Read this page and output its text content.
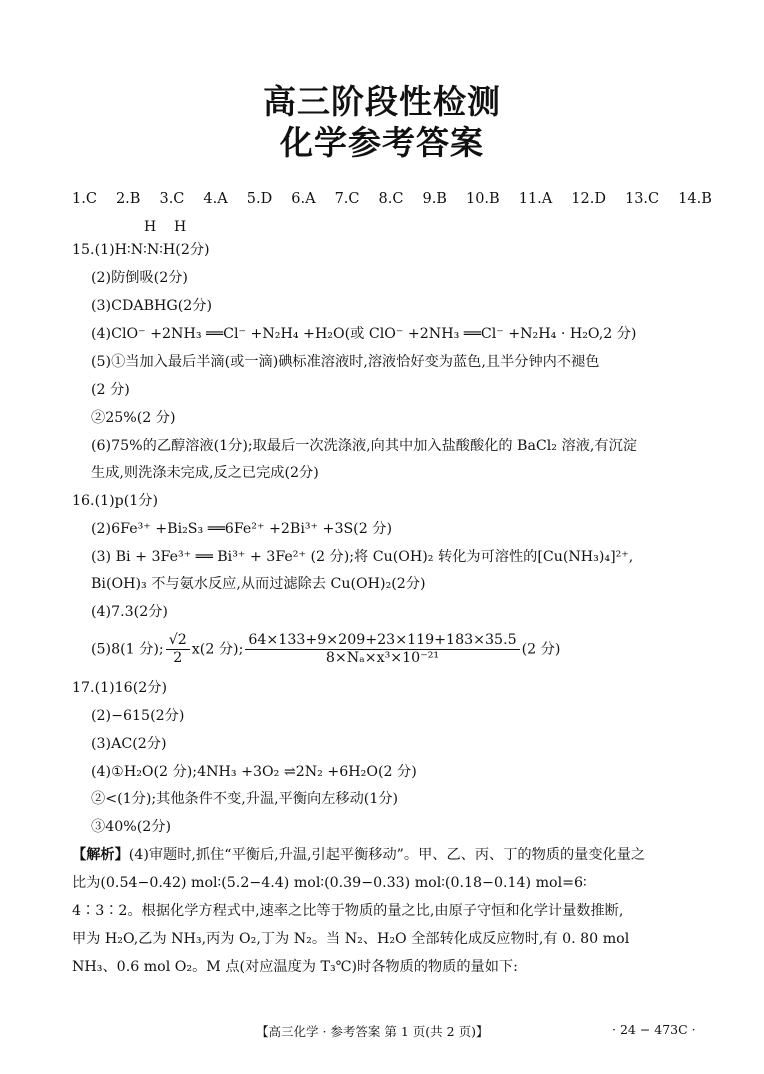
高三阶段性检测
化学参考答案
1.C 2.B 3.C 4.A 5.D 6.A 7.C 8.C 9.B 10.B 11.A 12.D 13.C 14.B
H    H
15.(1)H∶N∶N∶H(2分)
(2)防倒吸(2分)
(3)CDABHG(2分)
(4)ClO⁻ +2NH₃ ══Cl⁻ +N₂H₄ +H₂O(或 ClO⁻ +2NH₃ ══Cl⁻ +N₂H₄ · H₂O,2 分)
(5)①当加入最后半滴(或一滴)碘标准溶液时,溶液恰好变为蓝色,且半分钟内不褪色
(2 分)
②25%(2 分)
(6)75%的乙醇溶液(1分);取最后一次洗涤液,向其中加入盐酸酸化的 BaCl₂ 溶液,有沉淀
生成,则洗涤未完成,反之已完成(2分)
16.(1)p(1分)
(2)6Fe³⁺ +Bi₂S₃ ══6Fe²⁺ +2Bi³⁺ +3S(2 分)
(3) Bi + 3Fe³⁺ ══ Bi³⁺ + 3Fe²⁺ (2 分);将 Cu(OH)₂ 转化为可溶性的[Cu(NH₃)₄]²⁺,
Bi(OH)₃ 不与氨水反应,从而过滤除去 Cu(OH)₂(2分)
(4)7.3(2分)
(5)8(1 分); $\frac{√2}{2} x(2$ 分); $\frac{64\times 133+9\times 209+23\times 119+183\times 35.5}{\text{8×Nₐ×x³×10⁻²¹}} (2$ 分)
17.(1)16(2分)
(2)−615(2分)
(3)AC(2分)
(4)①H₂O(2 分);4NH₃ +3O₂ ⇌2N₂ +6H₂O(2 分)
②<(1分);其他条件不变,升温,平衡向左移动(1分)
③40%(2分)
【解析】(4)审题时,抓住“平衡后,升温,引起平衡移动”。甲、乙、丙、丁的物质的量变化量之
比为(0.54−0.42) mol∶(5.2−4.4) mol∶(0.39−0.33) mol∶(0.18−0.14) mol=6∶
4∶3∶2。根据化学方程式中,速率之比等于物质的量之比,由原子守恒和化学计量数推断,
甲为 H₂O,乙为 NH₃,丙为 O₂,丁为 N₂。当 N₂、H₂O 全部转化成反应物时,有 0. 80 mol
NH₃、0.6 mol O₂。M 点(对应温度为 T₃℃)时各物质的物质的量如下:
【高三化学 · 参考答案 第 1 页(共 2 页)】	· 24 − 473C ·
